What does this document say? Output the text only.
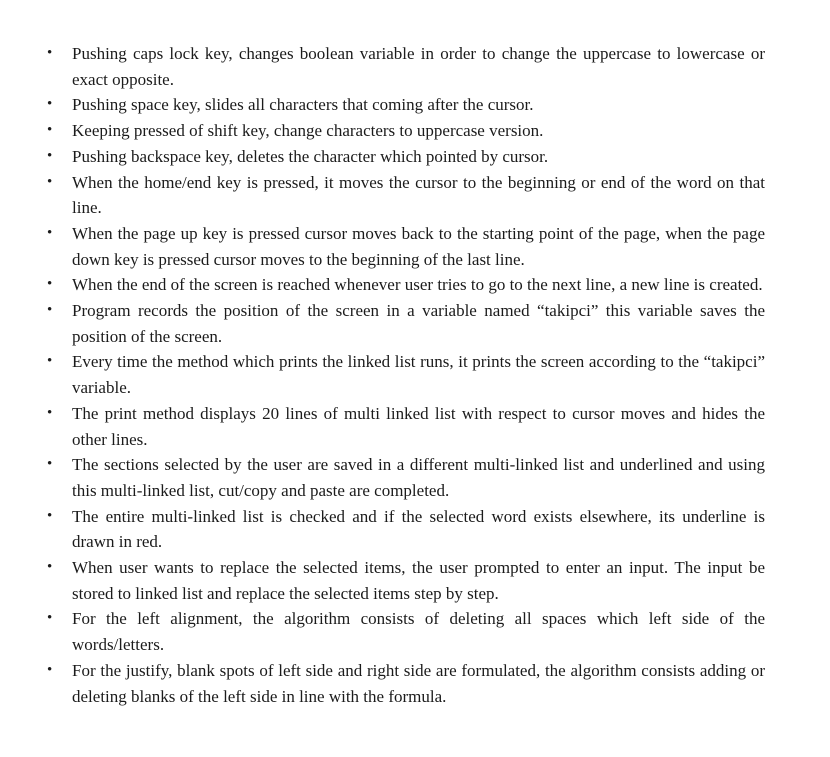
•	Pushing caps lock key, changes boolean variable in order to change the uppercase to lowercase or exact opposite.
•	Pushing space key, slides all characters that coming after the cursor.
•	Keeping pressed of shift key, change characters to uppercase version.
•	Pushing backspace key, deletes the character which pointed by cursor.
•	When the home/end key is pressed, it moves the cursor to the beginning or end of the word on that line.
•	When the page up key is pressed cursor moves back to the starting point of the page, when the page down key is pressed cursor moves to the beginning of the last line.
•	When the end of the screen is reached whenever user tries to go to the next line, a new line is created.
•	Program records the position of the screen in a variable named “takipci” this variable saves the position of the screen.
•	Every time the method which prints the linked list runs, it prints the screen according to the “takipci” variable.
•	The print method displays 20 lines of multi linked list with respect to cursor moves and hides the other lines.
•	The sections selected by the user are saved in a different multi-linked list and underlined and using this multi-linked list, cut/copy and paste are completed.
•	The entire multi-linked list is checked and if the selected word exists elsewhere, its underline is drawn in red.
•	When user wants to replace the selected items, the user prompted to enter an input. The input be stored to linked list and replace the selected items step by step.
•	For the left alignment, the algorithm consists of deleting all spaces which left side of the words/letters.
•	For the justify, blank spots of left side and right side are formulated, the algorithm consists adding or deleting blanks of the left side in line with the formula.
